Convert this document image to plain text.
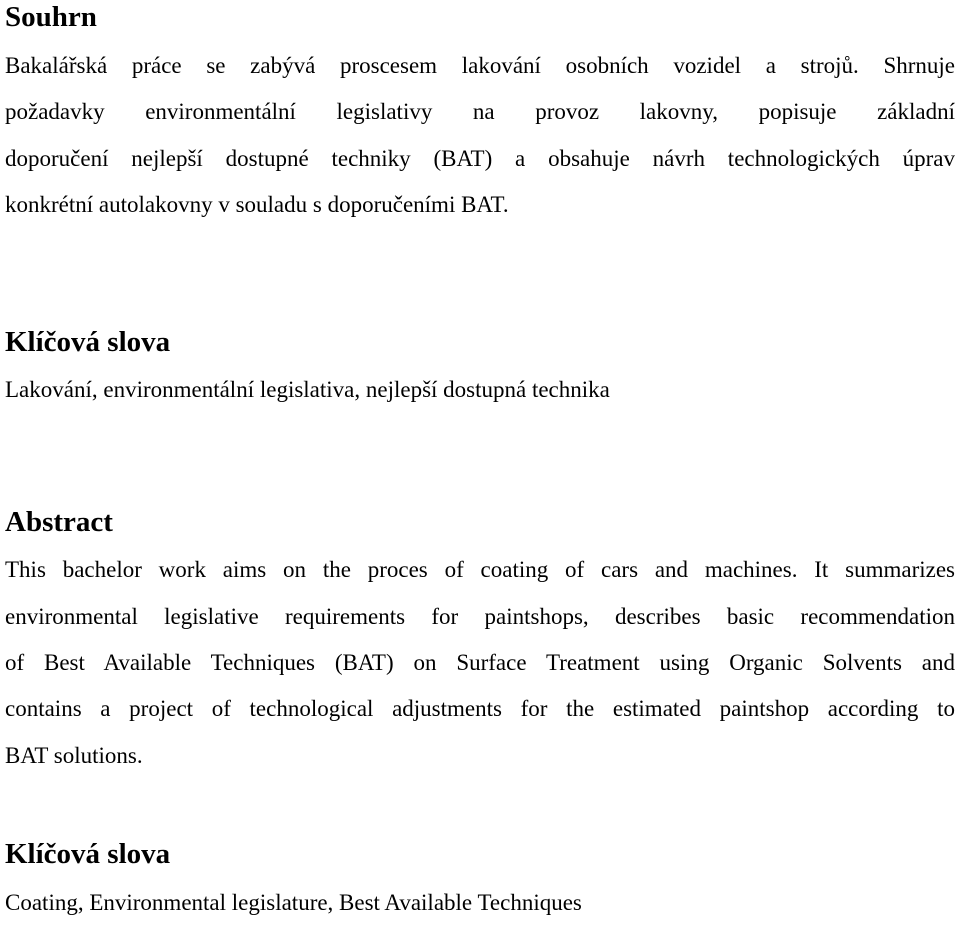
Souhrn

Bakalářská práce se zabývá proscesem lakování osobních vozidel a strojů. Shrnuje
požadavky environmentální legislativy na provoz lakovny, popisuje základní
doporučení nejlepší dostupné techniky (BAT) a obsahuje návrh technologických úprav
konkrétní autolakovny v souladu s doporučeními BAT.

Klíčová slova

Lakování, environmentální legislativa, nejlepší dostupná technika

Abstract

This bachelor work aims on the proces of coating of cars and machines. It summarizes
environmental legislative requirements for paintshops, describes basic recommendation
of Best Available Techniques (BAT) on Surface Treatment using Organic Solvents and
contains a project of technological adjustments for the estimated paintshop according to
BAT solutions.

Klíčová slova

Coating, Environmental legislature, Best Available Techniques
